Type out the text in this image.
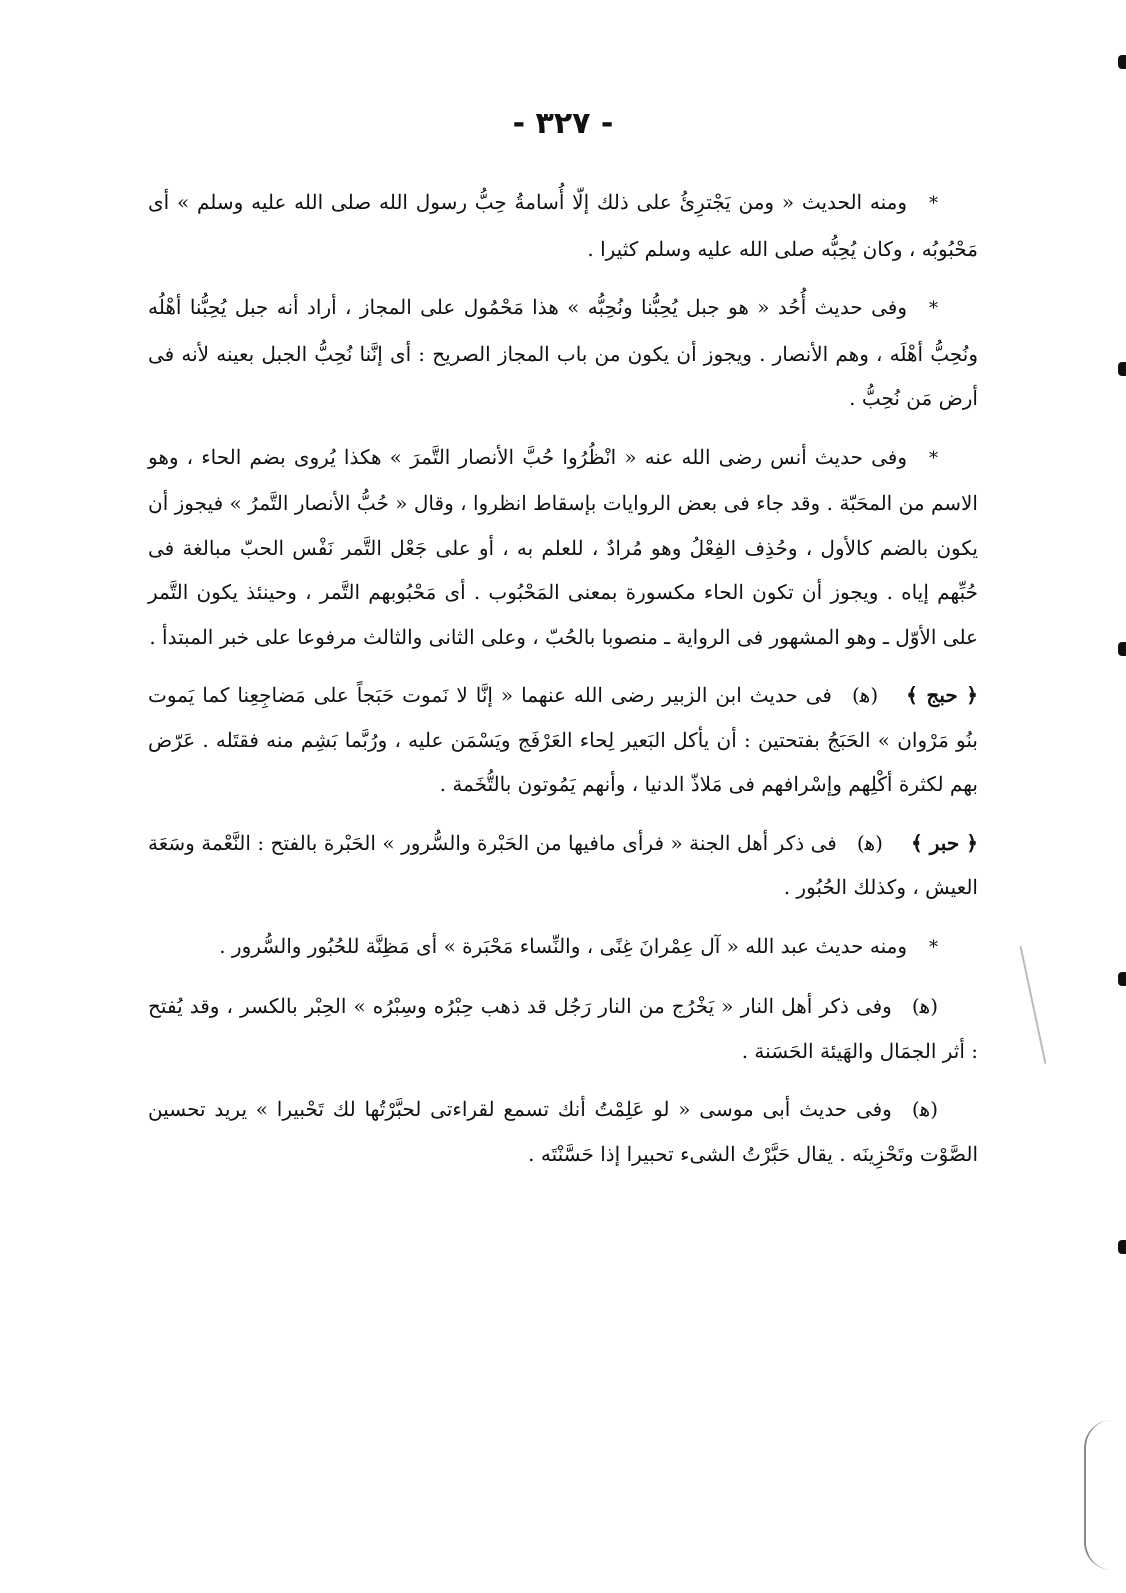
- ٣٢٧ -

*ومنه الحديث « ومن يَجْترِئُ على ذلك إلّا أُسامةُ حِبُّ رسول الله صلى الله عليه وسلم » أى مَحْبُوبُه ، وكان يُحِبُّه صلى الله عليه وسلم كثيرا .

*وفى حديث أُحُد « هو جبل يُحِبُّنا ونُحِبُّه » هذا مَحْمُول على المجاز ، أراد أنه جبل يُحِبُّنا أهْلُه ونُحِبُّ أهْلَه ، وهم الأنصار . ويجوز أن يكون من باب المجاز الصريح : أى إنَّنا نُحِبُّ الجبل بعينه لأنه فى أرض مَن نُحِبُّ .

*وفى حديث أنس رضى الله عنه « انْظُرُوا حُبَّ الأنصار التَّمرَ » هكذا يُروى بضم الحاء ، وهو الاسم من المحَبّة . وقد جاء فى بعض الروايات بإسقاط انظروا ، وقال « حُبُّ الأنصار التَّمرُ » فيجوز أن يكون بالضم كالأول ، وحُذِف الفِعْلُ وهو مُرادٌ ، للعلم به ، أو على جَعْل التَّمر نَفْس الحبّ مبالغة فى حُبِّهم إياه . ويجوز أن تكون الحاء مكسورة بمعنى المَحْبُوب . أى مَحْبُوبهم التَّمر ، وحينئذ يكون التَّمر على الأوّل ـ وهو المشهور فى الرواية ـ منصوبا بالحُبّ ، وعلى الثانى والثالث مرفوعا على خبر المبتدأ .

﴿ حبج ﴾(ﻫ)فى حديث ابن الزبير رضى الله عنهما « إنَّا لا نَموت حَبَجاً على مَضاجِعِنا كما يَموت بنُو مَرْوان » الحَبَجُ بفتحتين : أن يأكل البَعير لِحاء العَرْفَج ويَسْمَن عليه ، ورُبَّما بَشِم منه فقتَله . عَرّض بهم لكثرة أكْلِهم وإسْرافهم فى مَلاذّ الدنيا ، وأنهم يَمُوتون بالتُّخَمة .

﴿ حبر ﴾(ﻫ)فى ذكر أهل الجنة « فرأى مافيها من الحَبْرة والسُّرور » الحَبْرة بالفتح : النَّعْمة وسَعَة العيش ، وكذلك الحُبُور .

*ومنه حديث عبد الله « آل عِمْرانَ غِنًى ، والنِّساء مَحْبَرة » أى مَظِنَّة للحُبُور والسُّرور .

(ﻫ)وفى ذكر أهل النار « يَخْرُج من النار رَجُل قد ذهب حِبْرُه وسِبْرُه » الحِبْر بالكسر ، وقد يُفتح : أثر الجمَال والهَيئة الحَسَنة .

(ﻫ)وفى حديث أبى موسى « لو عَلِمْتُ أنك تسمع لقراءتى لحبَّرْتُها لك تَحْبيرا » يريد تحسين الصَّوْت وتَحْزِينَه . يقال حَبَّرْتُ الشىء تحبيرا إذا حَسَّنْتَه .
